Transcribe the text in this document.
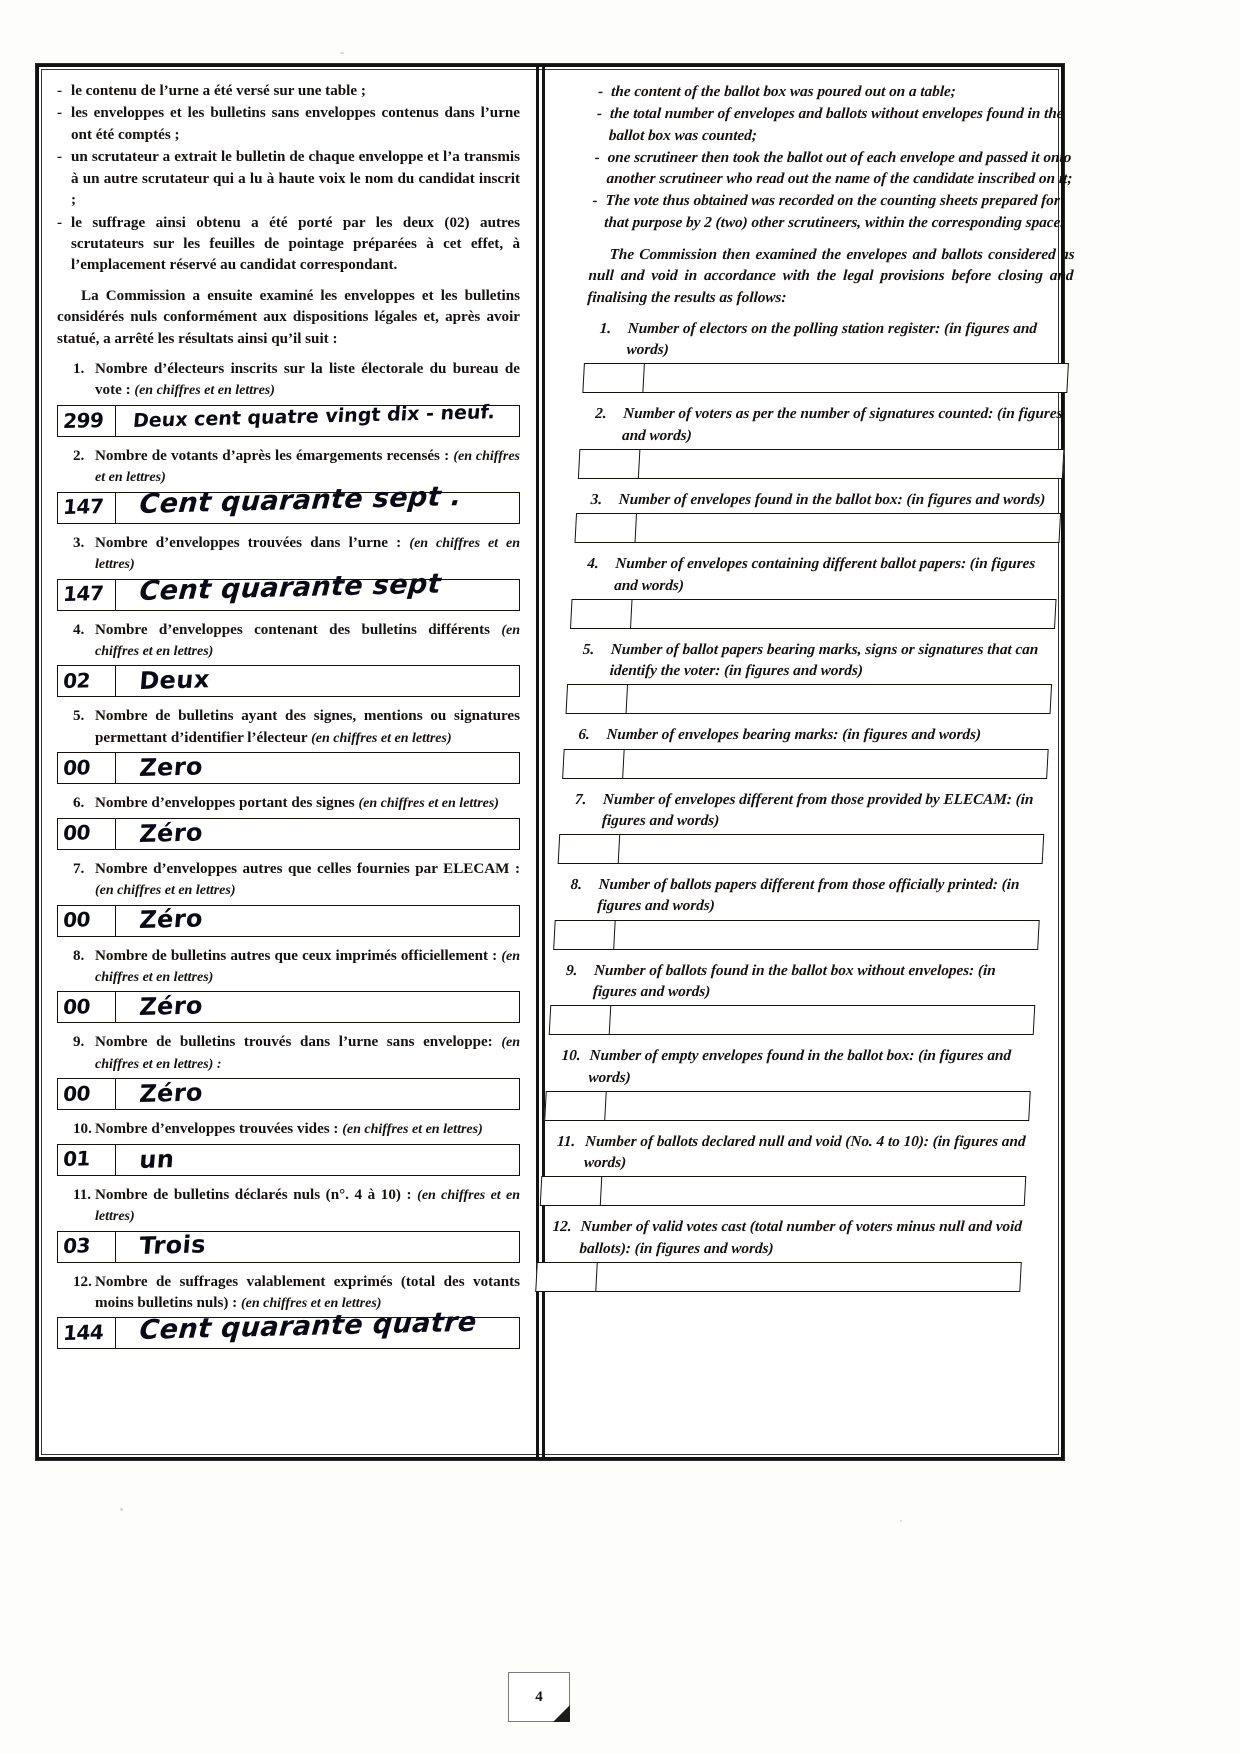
- le contenu de l’urne a été versé sur une table ;
- les enveloppes et les bulletins sans enveloppes contenus dans l’urne ont été comptés ;
- un scrutateur a extrait le bulletin de chaque enveloppe et l’a transmis à un autre scrutateur qui a lu à haute voix le nom du candidat inscrit ;
- le suffrage ainsi obtenu a été porté par les deux (02) autres scrutateurs sur les feuilles de pointage préparées à cet effet, à l’emplacement réservé au candidat correspondant.
La Commission a ensuite examiné les enveloppes et les bulletins considérés nuls conformément aux dispositions légales et, après avoir statué, a arrêté les résultats ainsi qu’il suit :
1. Nombre d’électeurs inscrits sur la liste électorale du bureau de vote : (en chiffres et en lettres)
299 Deux cent quatre vingt dix - neuf.
2. Nombre de votants d’après les émargements recensés : (en chiffres et en lettres)
147 Cent quarante sept .
3. Nombre d’enveloppes trouvées dans l’urne : (en chiffres et en lettres)
147 Cent quarante sept
4. Nombre d’enveloppes contenant des bulletins différents (en chiffres et en lettres)
02 Deux
5. Nombre de bulletins ayant des signes, mentions ou signatures permettant d’identifier l’électeur (en chiffres et en lettres)
00 Zero
6. Nombre d’enveloppes portant des signes (en chiffres et en lettres)
00 Zéro
7. Nombre d’enveloppes autres que celles fournies par ELECAM : (en chiffres et en lettres)
00 Zéro
8. Nombre de bulletins autres que ceux imprimés officiellement : (en chiffres et en lettres)
00 Zéro
9. Nombre de bulletins trouvés dans l’urne sans enveloppe: (en chiffres et en lettres) :
00 Zéro
10. Nombre d’enveloppes trouvées vides : (en chiffres et en lettres)
01 un
11. Nombre de bulletins déclarés nuls (n°. 4 à 10) : (en chiffres et en lettres)
03 Trois
12. Nombre de suffrages valablement exprimés (total des votants moins bulletins nuls) : (en chiffres et en lettres)
144 Cent quarante quatre
- the content of the ballot box was poured out on a table;
- the total number of envelopes and ballots without envelopes found in the ballot box was counted;
- one scrutineer then took the ballot out of each envelope and passed it onto another scrutineer who read out the name of the candidate inscribed on it;
- The vote thus obtained was recorded on the counting sheets prepared for that purpose by 2 (two) other scrutineers, within the corresponding space.
The Commission then examined the envelopes and ballots considered as null and void in accordance with the legal provisions before closing and finalising the results as follows:
1.	Number of electors on the polling station register: (in figures and words)
2.	Number of voters as per the number of signatures counted: (in figures and words)
3.	Number of envelopes found in the ballot box: (in figures and words)
4.	Number of envelopes containing different ballot papers: (in figures and words)
5.	Number of ballot papers bearing marks, signs or signatures that can identify the voter: (in figures and words)
6.	Number of envelopes bearing marks: (in figures and words)
7.	Number of envelopes different from those provided by ELECAM: (in figures and words)
8.	Number of ballots papers different from those officially printed: (in figures and words)
9.	Number of ballots found in the ballot box without envelopes: (in figures and words)
10. Number of empty envelopes found in the ballot box: (in figures and words)
11. Number of ballots declared null and void (No. 4 to 10): (in figures and words)
12. Number of valid votes cast (total number of voters minus null and void ballots): (in figures and words)
4
